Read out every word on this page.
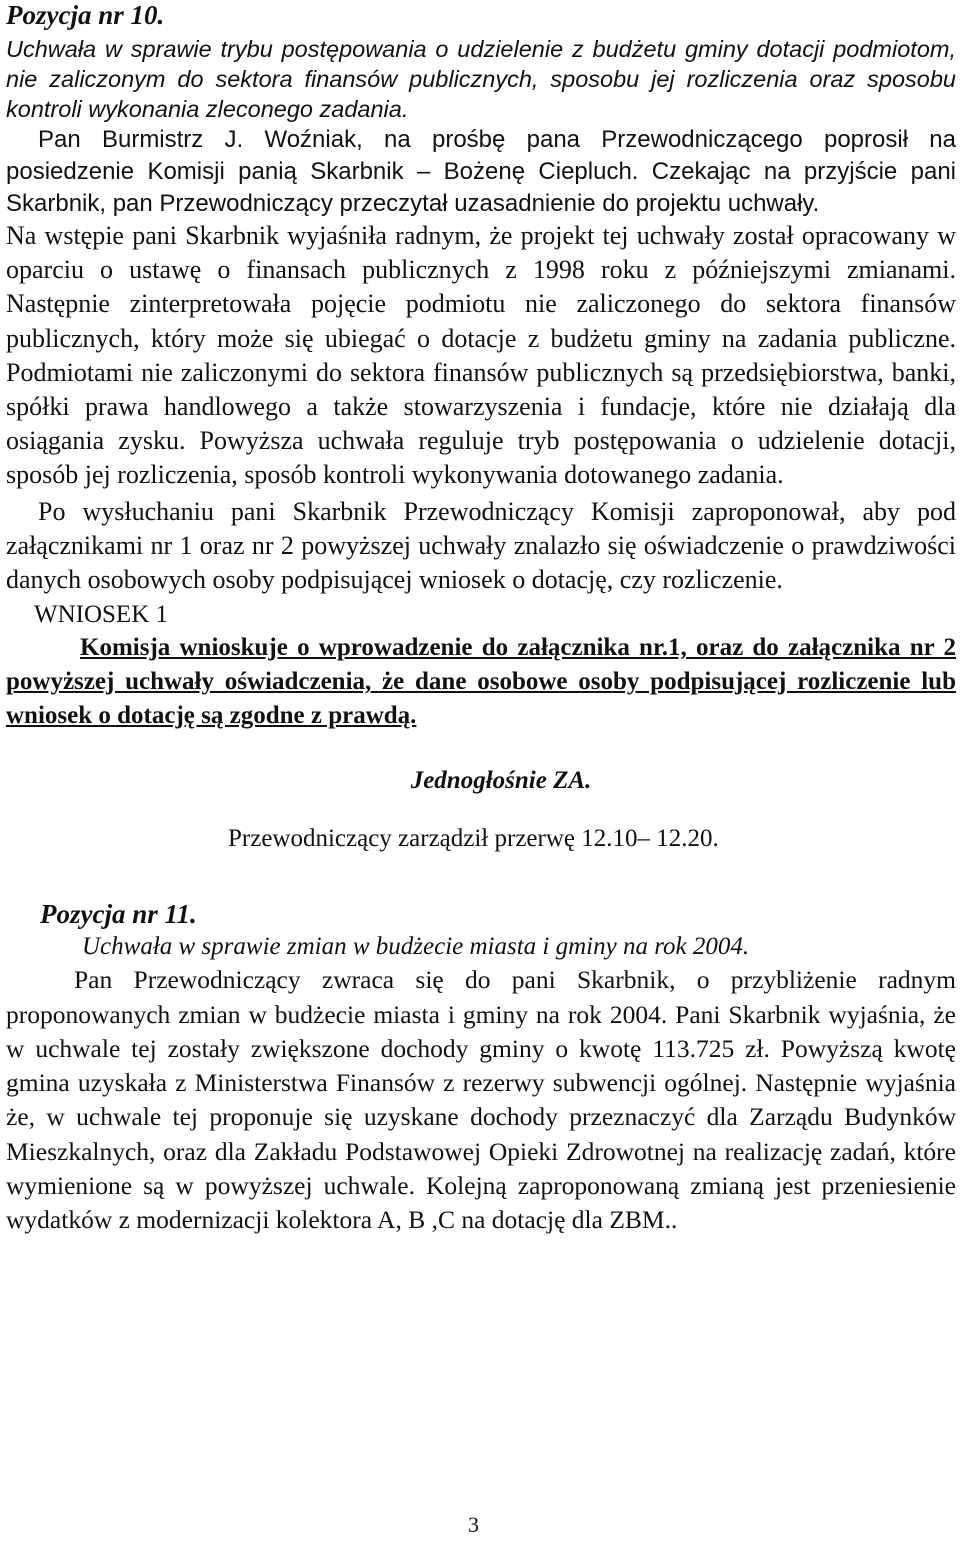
Pozycja nr 10.

Uchwała w sprawie trybu postępowania o udzielenie z budżetu gminy dotacji podmiotom, nie zaliczonym do sektora finansów publicznych, sposobu jej rozliczenia oraz sposobu kontroli wykonania zleconego zadania.

Pan Burmistrz J. Woźniak, na prośbę pana Przewodniczącego poprosił na posiedzenie Komisji panią Skarbnik – Bożenę Ciepluch. Czekając na przyjście pani Skarbnik, pan Przewodniczący przeczytał uzasadnienie do projektu uchwały.

Na wstępie pani Skarbnik wyjaśniła radnym, że projekt tej uchwały został opracowany w oparciu o ustawę o finansach publicznych z 1998 roku z późniejszymi zmianami. Następnie zinterpretowała pojęcie podmiotu nie zaliczonego do sektora finansów publicznych, który może się ubiegać o dotacje z budżetu gminy na zadania publiczne. Podmiotami nie zaliczonymi do sektora finansów publicznych są przedsiębiorstwa, banki, spółki prawa handlowego a także stowarzyszenia i fundacje, które nie działają dla osiągania zysku. Powyższa uchwała reguluje tryb postępowania o udzielenie dotacji, sposób jej rozliczenia, sposób kontroli wykonywania dotowanego zadania.

Po wysłuchaniu pani Skarbnik Przewodniczący Komisji zaproponował, aby pod załącznikami nr 1 oraz nr 2 powyższej uchwały znalazło się oświadczenie o prawdziwości danych osobowych osoby podpisującej wniosek o dotację, czy rozliczenie.

WNIOSEK 1

Komisja wnioskuje o wprowadzenie do załącznika nr.1, oraz do załącznika nr 2 powyższej uchwały oświadczenia, że dane osobowe osoby podpisującej rozliczenie lub wniosek o dotację są zgodne z prawdą.

Jednogłośnie ZA.

Przewodniczący zarządził przerwę 12.10– 12.20.

Pozycja nr 11.

Uchwała w sprawie zmian w budżecie miasta i gminy na rok 2004.

Pan Przewodniczący zwraca się do pani Skarbnik, o przybliżenie radnym proponowanych zmian w budżecie miasta i gminy na rok 2004. Pani Skarbnik wyjaśnia, że w uchwale tej zostały zwiększone dochody gminy o kwotę 113.725 zł. Powyższą kwotę gmina uzyskała z Ministerstwa Finansów z rezerwy subwencji ogólnej. Następnie wyjaśnia że, w uchwale tej proponuje się uzyskane dochody przeznaczyć dla Zarządu Budynków Mieszkalnych, oraz dla Zakładu Podstawowej Opieki Zdrowotnej na realizację zadań, które wymienione są w powyższej uchwale. Kolejną zaproponowaną zmianą jest przeniesienie wydatków z modernizacji kolektora A, B ,C na dotację dla ZBM..

3
